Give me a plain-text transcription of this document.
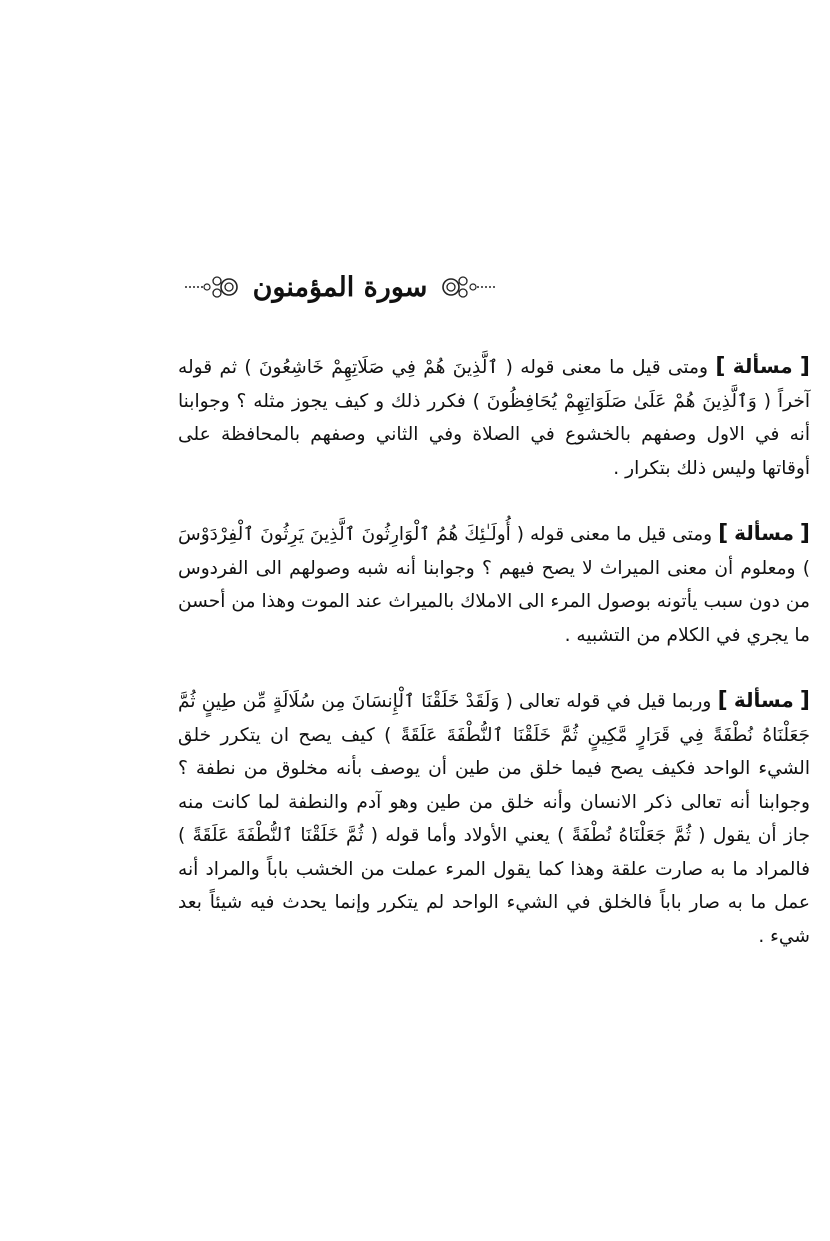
سورة المؤمنون

[ مسألة ] ومتى قيل ما معنى قوله ( ٱلَّذِينَ هُمْ فِي صَلَاتِهِمْ خَاشِعُونَ ) ثم قوله آخراً ( وَٱلَّذِينَ هُمْ عَلَىٰ صَلَوَاتِهِمْ يُحَافِظُونَ ) فكرر ذلك و كيف يجوز مثله ؟ وجوابنا أنه في الاول وصفهم بالخشوع في الصلاة وفي الثاني وصفهم بالمحافظة على أوقاتها وليس ذلك بتكرار .

[ مسألة ] ومتى قيل ما معنى قوله ( أُولَـٰئِكَ هُمُ ٱلْوَارِثُونَ ٱلَّذِينَ يَرِثُونَ ٱلْفِرْدَوْسَ ) ومعلوم أن معنى الميراث لا يصح فيهم ؟ وجوابنا أنه شبه وصولهم الى الفردوس من دون سبب يأتونه بوصول المرء الى الاملاك بالميراث عند الموت وهذا من أحسن ما يجري في الكلام من التشبيه .

[ مسألة ] وربما قيل في قوله تعالى ( وَلَقَدْ خَلَقْنَا ٱلْإِنسَانَ مِن سُلَالَةٍ مِّن طِينٍ ثُمَّ جَعَلْنَاهُ نُطْفَةً فِي قَرَارٍ مَّكِينٍ ثُمَّ خَلَقْنَا ٱلنُّطْفَةَ عَلَقَةً ) كيف يصح ان يتكرر خلق الشيء الواحد فكيف يصح فيما خلق من طين أن يوصف بأنه مخلوق من نطفة ؟ وجوابنا أنه تعالى ذكر الانسان وأنه خلق من طين وهو آدم والنطفة لما كانت منه جاز أن يقول ( ثُمَّ جَعَلْنَاهُ نُطْفَةً ) يعني الأولاد وأما قوله ( ثُمَّ خَلَقْنَا ٱلنُّطْفَةَ عَلَقَةً ) فالمراد ما به صارت علقة وهذا كما يقول المرء عملت من الخشب باباً والمراد أنه عمل ما به صار باباً فالخلق في الشيء الواحد لم يتكرر وإنما يحدث فيه شيئاً بعد شيء .
